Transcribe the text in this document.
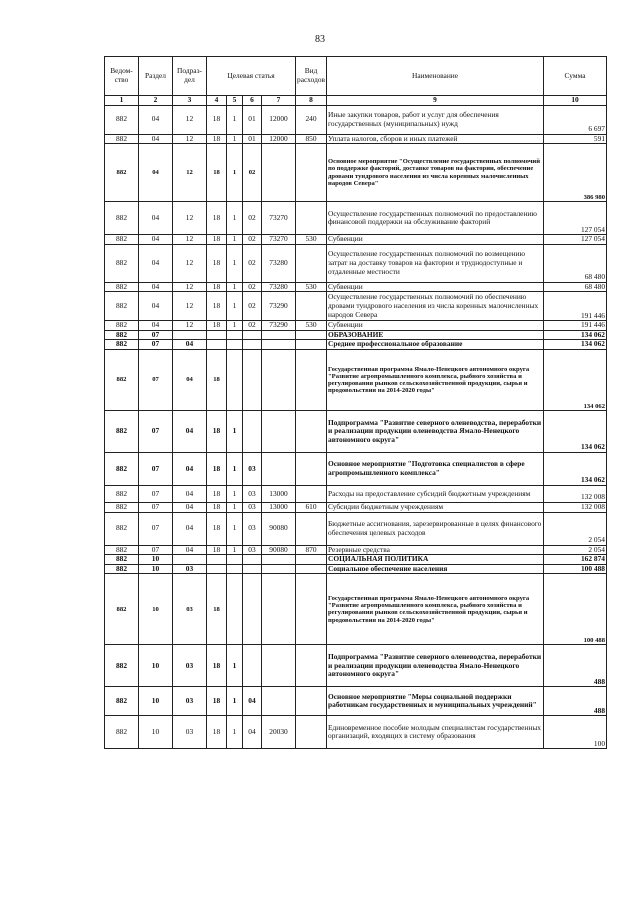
83
Ведом-ство	Раздел	Подраз-дел	Целевая статья				Вид расходов	Наименование	Сумма
1	2	3	4	5	6	7	8	9	10
882	04	12	18	1	01	12000	240	Иные закупки товаров, работ и услуг для обеспечения государственных (муниципальных) нужд	6 697
882	04	12	18	1	01	12000	850	Уплата налогов, сборов и иных платежей	591
882	04	12	18	1	02			Основное мероприятие "Осуществление государственных полномочий по поддержке факторий, доставке товаров на фактории, обеспечение дровами тундрового населения из числа коренных малочисленных народов Севера"	386 980
882	04	12	18	1	02	73270		Осуществление государственных полномочий по предоставлению финансовой поддержки на обслуживание факторий	127 054
882	04	12	18	1	02	73270	530	Субвенции	127 054
882	04	12	18	1	02	73280		Осуществление государственных полномочий по возмещению затрат на доставку товаров на фактории и труднодоступные и отдаленные местности	68 480
882	04	12	18	1	02	73280	530	Субвенции	68 480
882	04	12	18	1	02	73290		Осуществление государственных полномочий по обеспечению дровами тундрового населения из числа коренных малочисленных народов Севера	191 446
882	04	12	18	1	02	73290	530	Субвенции	191 446
882	07							ОБРАЗОВАНИЕ	134 062
882	07	04						Среднее профессиональное образование	134 062
882	07	04	18					Государственная программа Ямало-Ненецкого автономного округа "Развитие агропромышленного комплекса, рыбного хозяйства и регулирования рынков сельскохозяйственной продукции, сырья и продовольствия на 2014-2020 годы"	134 062
882	07	04	18	1				Подпрограмма "Развитие северного оленеводства, переработки и реализации продукции оленеводства Ямало-Ненецкого автономного округа"	134 062
882	07	04	18	1	03			Основное мероприятие "Подготовка специалистов в сфере агропромышленного комплекса"	134 062
882	07	04	18	1	03	13000		Расходы на предоставление субсидий бюджетным учреждениям	132 008
882	07	04	18	1	03	13000	610	Субсидии бюджетным учреждениям	132 008
882	07	04	18	1	03	90080		Бюджетные ассигнования, зарезервированные в целях финансового обеспечения целевых расходов	2 054
882	07	04	18	1	03	90080	870	Резервные средства	2 054
882	10							СОЦИАЛЬНАЯ ПОЛИТИКА	162 874
882	10	03						Социальное обеспечение населения	100 488
882	10	03	18					Государственная программа Ямало-Ненецкого автономного округа "Развитие агропромышленного комплекса, рыбного хозяйства и регулирования рынков сельскохозяйственной продукции, сырья и продовольствия на 2014-2020 годы"	100 488
882	10	03	18	1				Подпрограмма "Развитие северного оленеводства, переработки и реализации продукции оленеводства Ямало-Ненецкого автономного округа"	488
882	10	03	18	1	04			Основное мероприятие "Меры социальной поддержки работникам государственных и муниципальных учреждений"	488
882	10	03	18	1	04	20030		Единовременное пособие молодым специалистам государственных организаций, входящих в систему образования	100
